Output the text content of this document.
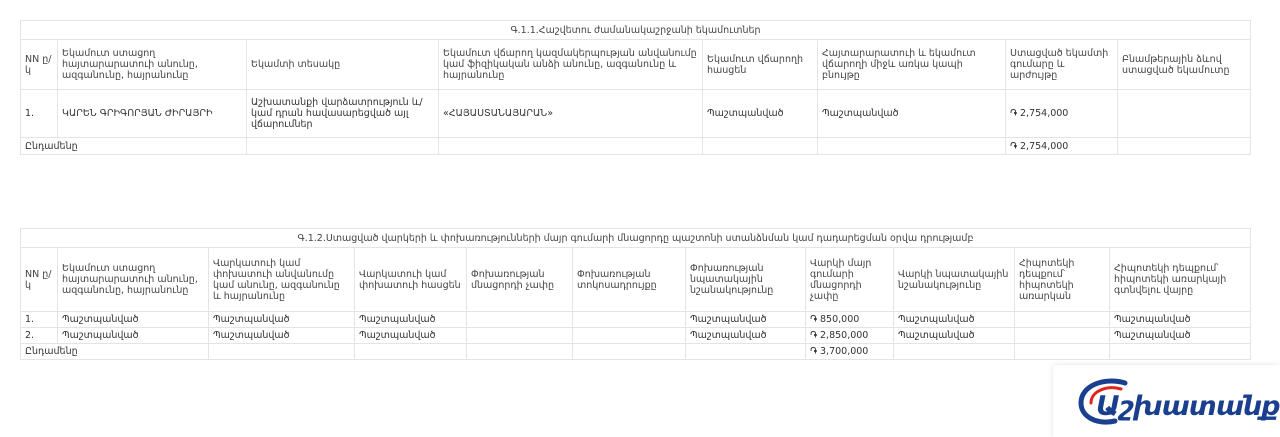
Գ.1.1.Հաշվետու ժամանակաշրջանի եկամուտներ							
NN ը/կ	Եկամուտ ստացող հայտարարատուի անունը, ազգանունը, հայրանունը	Եկամտի տեսակը	Եկամուտ վճարող կազմակերպության անվանումը կամ ֆիզիկական անձի անունը, ազգանունը և հայրանունը	Եկամուտ վճարողի հասցեն	Հայտարարատուի և եկամուտ վճարողի միջև առկա կապի բնույթը	Ստացված եկամտի գումարը և արժույթը	Բնամթերային ձևով ստացված եկամուտը
1.	ԿԱՐԵՆ ԳՐԻԳՈՐՅԱՆ ԺԻՐԱՅՐԻ	Աշխատանքի վարձատրություն և/կամ դրան հավասարեցված այլ վճարումներ	«ՀԱՅԱՍՏԱՆԱՅԱՐԱՆ»	Պաշտպանված	Պաշտպանված	֏ 2,754,000	
Ընդամենը						֏ 2,754,000	
Գ.1.2.Ստացված վարկերի և փոխառությունների մայր գումարի մնացորդը պաշտոնի ստանձնման կամ դադարեցման օրվա դրությամբ										
NN ը/կ	Եկամուտ ստացող հայտարարատուի անունը, ազգանունը, հայրանունը	Վարկատուի կամ փոխատուի անվանումը կամ անունը, ազգանունը և հայրանունը	Վարկատուի կամ փոխատուի հասցեն	Փոխառության մնացորդի չափը	Փոխառության տոկոսադրույքը	Փոխառության նպատակային նշանակությունը	Վարկի մայր գումարի մնացորդի չափը	Վարկի նպատակային նշանակությունը	Հիպոտեկի դեպքում՝ հիպոտեկի առարկան	Հիպոտեկի դեպքում՝ հիպոտեկի առարկայի գտնվելու վայրը
1.	Պաշտպանված	Պաշտպանված	Պաշտպանված			Պաշտպանված	֏ 850,000	Պաշտպանված		Պաշտպանված
2.	Պաշտպանված	Պաշտպանված	Պաշտպանված			Պաշտպանված	֏ 2,850,000	Պաշտպանված		Պաշտպանված
Ընդամենը							֏ 3,700,000			
Աշխատանք
